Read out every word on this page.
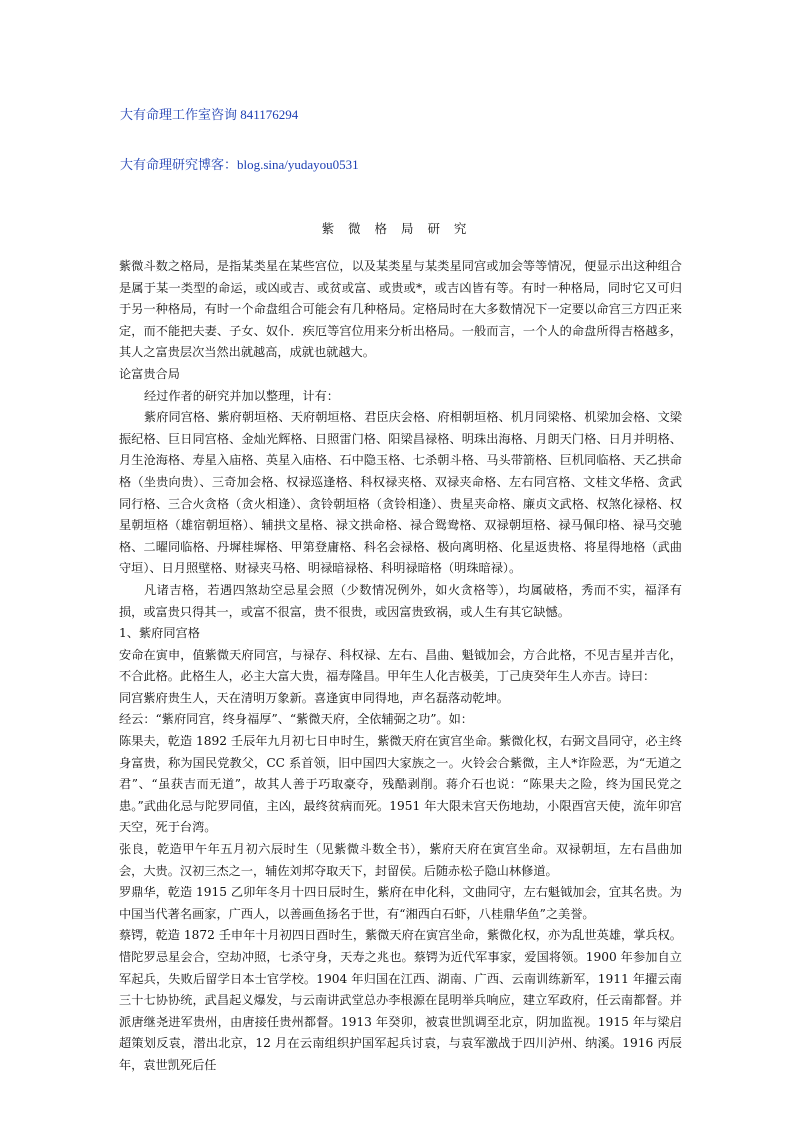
大有命理工作室咨询 841176294
大有命理研究博客：blog.sina/yudayou0531
紫 微 格 局 研 究

紫微斗数之格局，是指某类星在某些宫位，以及某类星与某类星同宫或加会等等情况，便显示出这种组合是属于某一类型的命运，或凶或吉、或贫或富、或贵或*，或吉凶皆有等。有时一种格局，同时它又可归于另一种格局，有时一个命盘组合可能会有几种格局。定格局时在大多数情况下一定要以命宫三方四正来定，而不能把夫妻、子女、奴仆．疾厄等宫位用来分析出格局。一般而言，一个人的命盘所得吉格越多，其人之富贵层次当然出就越高，成就也就越大。

论富贵合局

经过作者的研究并加以整理，计有：

紫府同宫格、紫府朝垣格、天府朝垣格、君臣庆会格、府相朝垣格、机月同梁格、机梁加会格、文梁振纪格、巨日同宫格、金灿光辉格、日照雷门格、阳梁昌禄格、明珠出海格、月朗天门格、日月并明格、月生沧海格、寿星入庙格、英星入庙格、石中隐玉格、七杀朝斗格、马头带箭格、巨机同临格、天乙拱命格（坐贵向贵）、三奇加会格、权禄巡逢格、科权禄夹格、双禄夹命格、左右同宫格、文桂文华格、贪武同行格、三合火贪格（贪火相逢）、贪铃朝垣格（贪铃相逢）、贵星夹命格、廉贞文武格、权煞化禄格、权星朝垣格（雄宿朝垣格）、辅拱文星格、禄文拱命格、禄合鸳鸯格、双禄朝垣格、禄马佩印格、禄马交驰格、二曜同临格、丹墀桂墀格、甲第登庸格、科名会禄格、极向离明格、化星返贵格、将星得地格（武曲守垣）、日月照壁格、财禄夹马格、明禄暗禄格、科明禄暗格（明珠暗禄）。

凡诸吉格，若遇四煞劫空忌星会照（少数情况例外，如火贪格等），均属破格，秀而不实，福泽有损，或富贵只得其一，或富不很富，贵不很贵，或因富贵致祸，或人生有其它缺憾。

1、紫府同宫格

安命在寅申，值紫微天府同宫，与禄存、科权禄、左右、昌曲、魁钺加会，方合此格，不见吉星并吉化，不合此格。此格生人，必主大富大贵，福寿隆昌。甲年生人化吉极美，丁己庚癸年生人亦吉。诗曰：

同宫紫府贵生人，天在清明万象新。喜逢寅申同得地，声名磊落动乾坤。

经云：“紫府同宫，终身福厚”、“紫微天府，全依辅弼之功”。如：

陈果夫，乾造 1892 壬辰年九月初七日申时生，紫微天府在寅宫坐命。紫微化权，右弼文昌同守，必主终身富贵，称为国民党教父，CC 系首领，旧中国四大家族之一。火铃会合紫微，主人*诈险恶，为“无道之君”、“虽获吉而无道”，故其人善于巧取豪夺，残酷剥削。蒋介石也说：“陈果夫之险，终为国民党之患。”武曲化忌与陀罗同值，主凶，最终贫病而死。1951 年大限未宫天伤地劫，小限酉宫天使，流年卯宫天空，死于台湾。

张良，乾造甲午年五月初六辰时生（见紫微斗数全书），紫府天府在寅宫坐命。双禄朝垣，左右昌曲加会，大贵。汉初三杰之一，辅佐刘邦夺取天下，封留侯。后随赤松子隐山林修道。

罗鼎华，乾造 1915 乙卯年冬月十四日辰时生，紫府在申化科，文曲同守，左右魁钺加会，宜其名贵。为中国当代著名画家，广西人，以善画鱼扬名于世，有“湘西白石虾，八桂鼎华鱼”之美誉。

蔡锷，乾造 1872 壬申年十月初四日酉时生，紫微天府在寅宫坐命，紫微化权，亦为乱世英雄，掌兵权。惜陀罗忌星会合，空劫冲照，七杀守身，天寿之兆也。蔡锷为近代军事家，爱国将领。1900 年参加自立军起兵，失败后留学日本士官学校。1904 年归国在江西、湖南、广西、云南训练新军，1911 年擢云南三十七协协统，武昌起义爆发，与云南讲武堂总办李根源在昆明举兵响应，建立军政府，任云南都督。并派唐继尧进军贵州，由唐接任贵州都督。1913 年癸卯，被袁世凯调至北京，阴加监视。1915 年与梁启超策划反袁，潜出北京，12 月在云南组织护国军起兵讨袁，与袁军激战于四川泸州、纳溪。1916 丙辰年，袁世凯死后任
